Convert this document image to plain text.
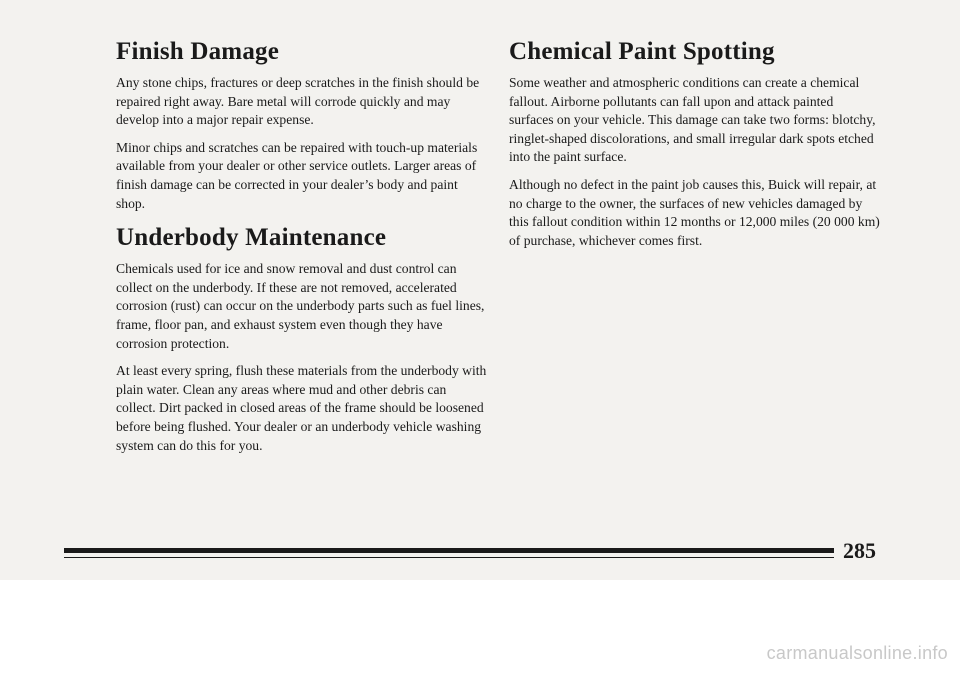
Finish Damage

Any stone chips, fractures or deep scratches in the finish should be repaired right away. Bare metal will corrode quickly and may develop into a major repair expense.

Minor chips and scratches can be repaired with touch-up materials available from your dealer or other service outlets. Larger areas of finish damage can be corrected in your dealer’s body and paint shop.

Underbody Maintenance

Chemicals used for ice and snow removal and dust control can collect on the underbody. If these are not removed, accelerated corrosion (rust) can occur on the underbody parts such as fuel lines, frame, floor pan, and exhaust system even though they have corrosion protection.

At least every spring, flush these materials from the underbody with plain water. Clean any areas where mud and other debris can collect. Dirt packed in closed areas of the frame should be loosened before being flushed. Your dealer or an underbody vehicle washing system can do this for you.

Chemical Paint Spotting

Some weather and atmospheric conditions can create a chemical fallout. Airborne pollutants can fall upon and attack painted surfaces on your vehicle. This damage can take two forms: blotchy, ringlet-shaped discolorations, and small irregular dark spots etched into the paint surface.

Although no defect in the paint job causes this, Buick will repair, at no charge to the owner, the surfaces of new vehicles damaged by this fallout condition within 12 months or 12,000 miles (20 000 km) of purchase, whichever comes first.

285
carmanualsonline.info
